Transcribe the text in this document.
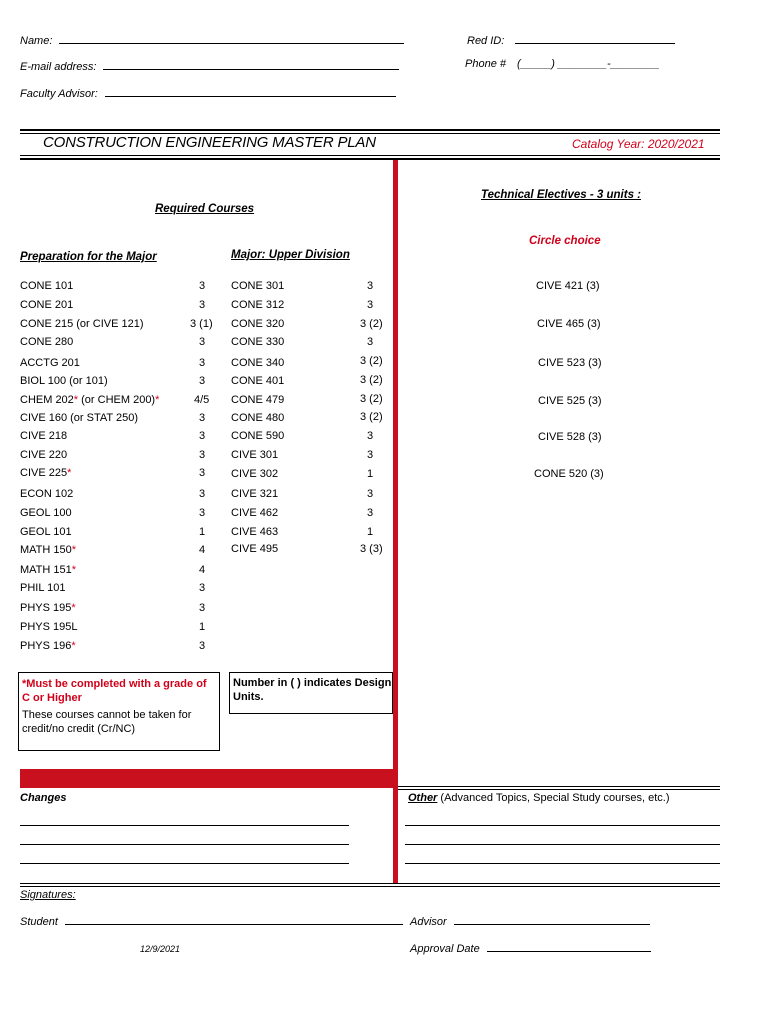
Name:
E-mail address:
Faculty Advisor:
Red ID:
Phone # (_____) ________-________
CONSTRUCTION ENGINEERING MASTER PLAN	Catalog Year: 2020/2021
Required Courses
Preparation for the Major	Major: Upper Division
Technical Electives - 3 units :
Circle choice
CONE 101	3
CONE 201	3
CONE 215 (or CIVE 121)	3 (1)
CONE 280	3
ACCTG 201	3
BIOL 100 (or 101)	3
CHEM 202* (or CHEM 200)*	4/5
CIVE 160 (or STAT 250)	3
CIVE 218	3
CIVE 220	3
CIVE 225*	3
ECON 102	3
GEOL 100	3
GEOL 101	1
MATH 150*	4
MATH 151*	4
PHIL 101	3
PHYS 195*	3
PHYS 195L	1
PHYS 196*	3
CONE 301	3
CONE 312	3
CONE 320	3 (2)
CONE 330	3
CONE 340	3 (2)
CONE 401	3 (2)
CONE 479	3 (2)
CONE 480	3 (2)
CONE 590	3
CIVE 301	3
CIVE 302	1
CIVE 321	3
CIVE 462	3
CIVE 463	1
CIVE 495	3 (3)
CIVE 421 (3)
CIVE 465 (3)
CIVE 523 (3)
CIVE 525 (3)
CIVE 528 (3)
CONE 520 (3)
*Must be completed with a grade of
C or Higher
These courses cannot be taken for
credit/no credit (Cr/NC)
Number in ( ) indicates Design
Units.
Changes	Other (Advanced Topics, Special Study courses, etc.)
Signatures:
Student	Advisor
12/9/2021	Approval Date
